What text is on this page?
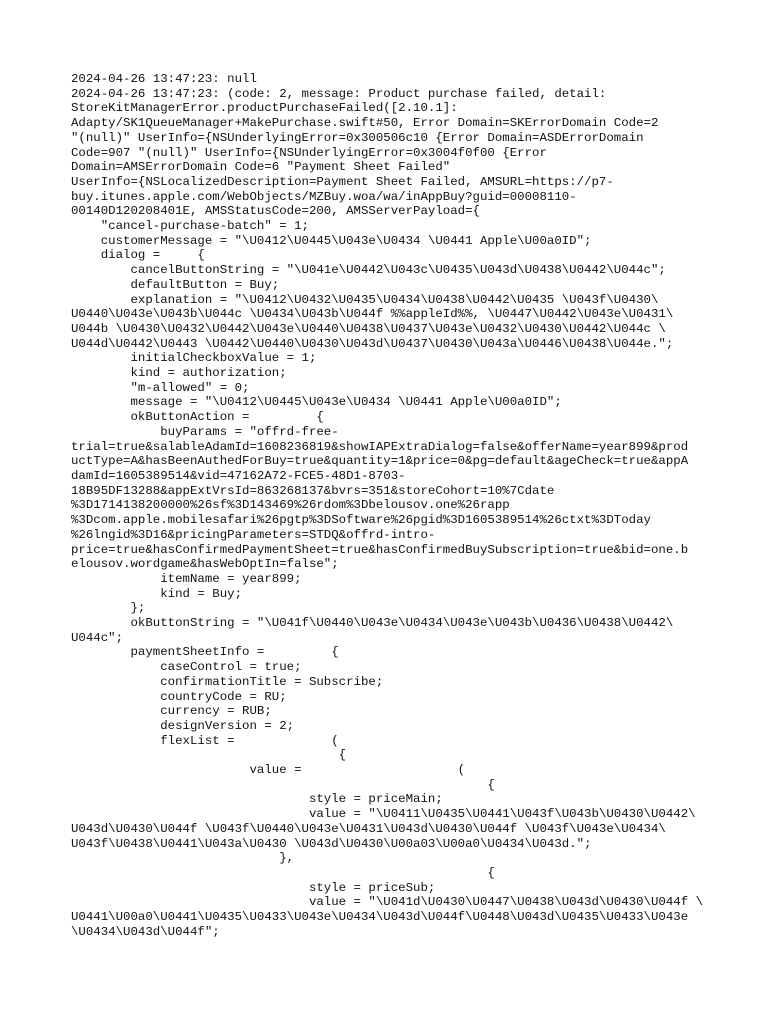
2024-04-26 13:47:23: null
2024-04-26 13:47:23: (code: 2, message: Product purchase failed, detail:
StoreKitManagerError.productPurchaseFailed([2.10.1]:
Adapty/SK1QueueManager+MakePurchase.swift#50, Error Domain=SKErrorDomain Code=2
"(null)" UserInfo={NSUnderlyingError=0x300506c10 {Error Domain=ASDErrorDomain
Code=907 "(null)" UserInfo={NSUnderlyingError=0x3004f0f00 {Error
Domain=AMSErrorDomain Code=6 "Payment Sheet Failed"
UserInfo={NSLocalizedDescription=Payment Sheet Failed, AMSURL=https://p7-
buy.itunes.apple.com/WebObjects/MZBuy.woa/wa/inAppBuy?guid=00008110-
00140D120208401E, AMSStatusCode=200, AMSServerPayload={
"cancel-purchase-batch" = 1;
customerMessage = "\U0412\U0445\U043e\U0434 \U0441 Apple\U00a0ID";
dialog =     {
cancelButtonString = "\U041e\U0442\U043c\U0435\U043d\U0438\U0442\U044c";
defaultButton = Buy;
explanation = "\U0412\U0432\U0435\U0434\U0438\U0442\U0435 \U043f\U0430\
U0440\U043e\U043b\U044c \U0434\U043b\U044f %%appleId%%, \U0447\U0442\U043e\U0431\
U044b \U0430\U0432\U0442\U043e\U0440\U0438\U0437\U043e\U0432\U0430\U0442\U044c \
U044d\U0442\U0443 \U0442\U0440\U0430\U043d\U0437\U0430\U043a\U0446\U0438\U044e.";
initialCheckboxValue = 1;
kind = authorization;
"m-allowed" = 0;
message = "\U0412\U0445\U043e\U0434 \U0441 Apple\U00a0ID";
okButtonAction =         {
buyParams = "offrd-free-
trial=true&salableAdamId=1608236819&showIAPExtraDialog=false&offerName=year899&prod
uctType=A&hasBeenAuthedForBuy=true&quantity=1&price=0&pg=default&ageCheck=true&appA
damId=1605389514&vid=47162A72-FCE5-48D1-8703-
18B95DF13288&appExtVrsId=863268137&bvrs=351&storeCohort=10%7Cdate
%3D1714138200000%26sf%3D143469%26rdom%3Dbelousov.one%26rapp
%3Dcom.apple.mobilesafari%26pgtp%3DSoftware%26pgid%3D1605389514%26ctxt%3DToday
%26lngid%3D16&pricingParameters=STDQ&offrd-intro-
price=true&hasConfirmedPaymentSheet=true&hasConfirmedBuySubscription=true&bid=one.b
elousov.wordgame&hasWebOptIn=false";
itemName = year899;
kind = Buy;
};
okButtonString = "\U041f\U0440\U043e\U0434\U043e\U043b\U0436\U0438\U0442\
U044c";
paymentSheetInfo =         {
caseControl = true;
confirmationTitle = Subscribe;
countryCode = RU;
currency = RUB;
designVersion = 2;
flexList =             (
{
value =                     (
{
style = priceMain;
value = "\U0411\U0435\U0441\U043f\U043b\U0430\U0442\
U043d\U0430\U044f \U043f\U0440\U043e\U0431\U043d\U0430\U044f \U043f\U043e\U0434\
U043f\U0438\U0441\U043a\U0430 \U043d\U0430\U00a03\U00a0\U0434\U043d.";
},
{
style = priceSub;
value = "\U041d\U0430\U0447\U0438\U043d\U0430\U044f \
U0441\U00a0\U0441\U0435\U0433\U043e\U0434\U043d\U044f\U0448\U043d\U0435\U0433\U043e
\U0434\U043d\U044f";
